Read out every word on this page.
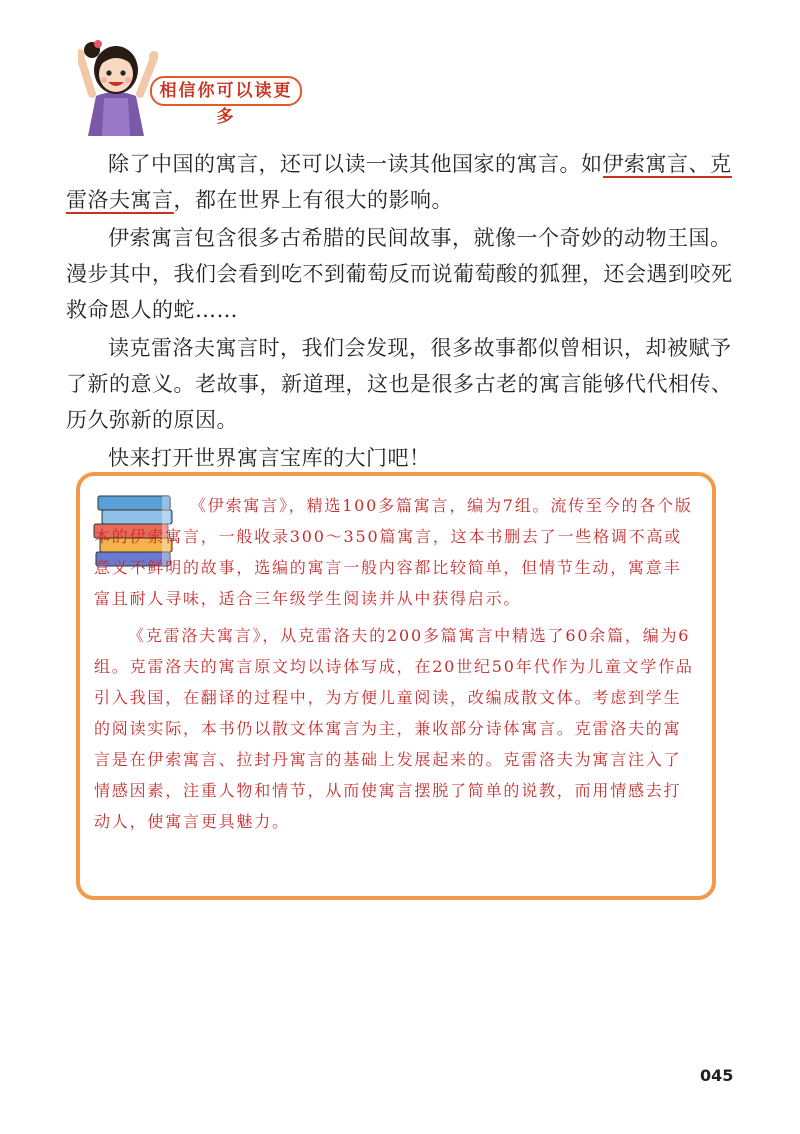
相信你可以读更多

除了中国的寓言，还可以读一读其他国家的寓言。如伊索寓言、克雷洛夫寓言，都在世界上有很大的影响。

伊索寓言包含很多古希腊的民间故事，就像一个奇妙的动物王国。漫步其中，我们会看到吃不到葡萄反而说葡萄酸的狐狸，还会遇到咬死救命恩人的蛇……

读克雷洛夫寓言时，我们会发现，很多故事都似曾相识，却被赋予了新的意义。老故事，新道理，这也是很多古老的寓言能够代代相传、历久弥新的原因。

快来打开世界寓言宝库的大门吧！

《伊索寓言》，精选100多篇寓言，编为7组。流传至今的各个版本的伊索寓言，一般收录300～350篇寓言，这本书删去了一些格调不高或意义不鲜明的故事，选编的寓言一般内容都比较简单，但情节生动，寓意丰富且耐人寻味，适合三年级学生阅读并从中获得启示。

《克雷洛夫寓言》，从克雷洛夫的200多篇寓言中精选了60余篇，编为6组。克雷洛夫的寓言原文均以诗体写成，在20世纪50年代作为儿童文学作品引入我国，在翻译的过程中，为方便儿童阅读，改编成散文体。考虑到学生的阅读实际，本书仍以散文体寓言为主，兼收部分诗体寓言。克雷洛夫的寓言是在伊索寓言、拉封丹寓言的基础上发展起来的。克雷洛夫为寓言注入了情感因素，注重人物和情节，从而使寓言摆脱了简单的说教，而用情感去打动人，使寓言更具魅力。

045
